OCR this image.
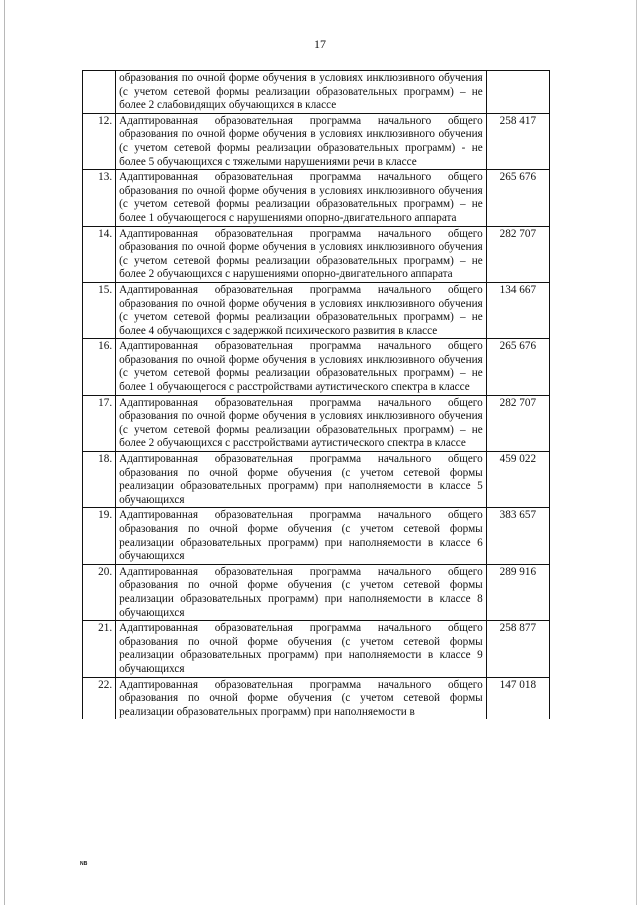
17
	образования по очной форме обучения в условиях инклюзивного обучения (с учетом сетевой формы реализации образовательных программ) – не более 2 слабовидящих обучающихся в классе	
12.	Адаптированная образовательная программа начального общего образования по очной форме обучения в условиях инклюзивного обучения (с учетом сетевой формы реализации образовательных программ) - не более 5 обучающихся с тяжелыми нарушениями речи в классе	258 417
13.	Адаптированная образовательная программа начального общего образования по очной форме обучения в условиях инклюзивного обучения (с учетом сетевой формы реализации образовательных программ) – не более 1 обучающегося с нарушениями опорно-двигательного аппарата	265 676
14.	Адаптированная образовательная программа начального общего образования по очной форме обучения в условиях инклюзивного обучения (с учетом сетевой формы реализации образовательных программ) – не более 2 обучающихся с нарушениями опорно-двигательного аппарата	282 707
15.	Адаптированная образовательная программа начального общего образования по очной форме обучения в условиях инклюзивного обучения (с учетом сетевой формы реализации образовательных программ) – не более 4 обучающихся с задержкой психического развития в классе	134 667
16.	Адаптированная образовательная программа начального общего образования по очной форме обучения в условиях инклюзивного обучения (с учетом сетевой формы реализации образовательных программ) – не более 1 обучающегося с расстройствами аутистического спектра в классе	265 676
17.	Адаптированная образовательная программа начального общего образования по очной форме обучения в условиях инклюзивного обучения (с учетом сетевой формы реализации образовательных программ) – не более 2 обучающихся с расстройствами аутистического спектра в классе	282 707
18.	Адаптированная образовательная программа начального общего образования по очной форме обучения (с учетом сетевой формы реализации образовательных программ) при наполняемости в классе 5 обучающихся	459 022
19.	Адаптированная образовательная программа начального общего образования по очной форме обучения (с учетом сетевой формы реализации образовательных программ) при наполняемости в классе 6 обучающихся	383 657
20.	Адаптированная образовательная программа начального общего образования по очной форме обучения (с учетом сетевой формы реализации образовательных программ) при наполняемости в классе 8 обучающихся	289 916
21.	Адаптированная образовательная программа начального общего образования по очной форме обучения (с учетом сетевой формы реализации образовательных программ) при наполняемости в классе 9 обучающихся	258 877
22.	Адаптированная образовательная программа начального общего образования по очной форме обучения (с учетом сетевой формы реализации образовательных программ) при наполняемости в	147 018
NB
